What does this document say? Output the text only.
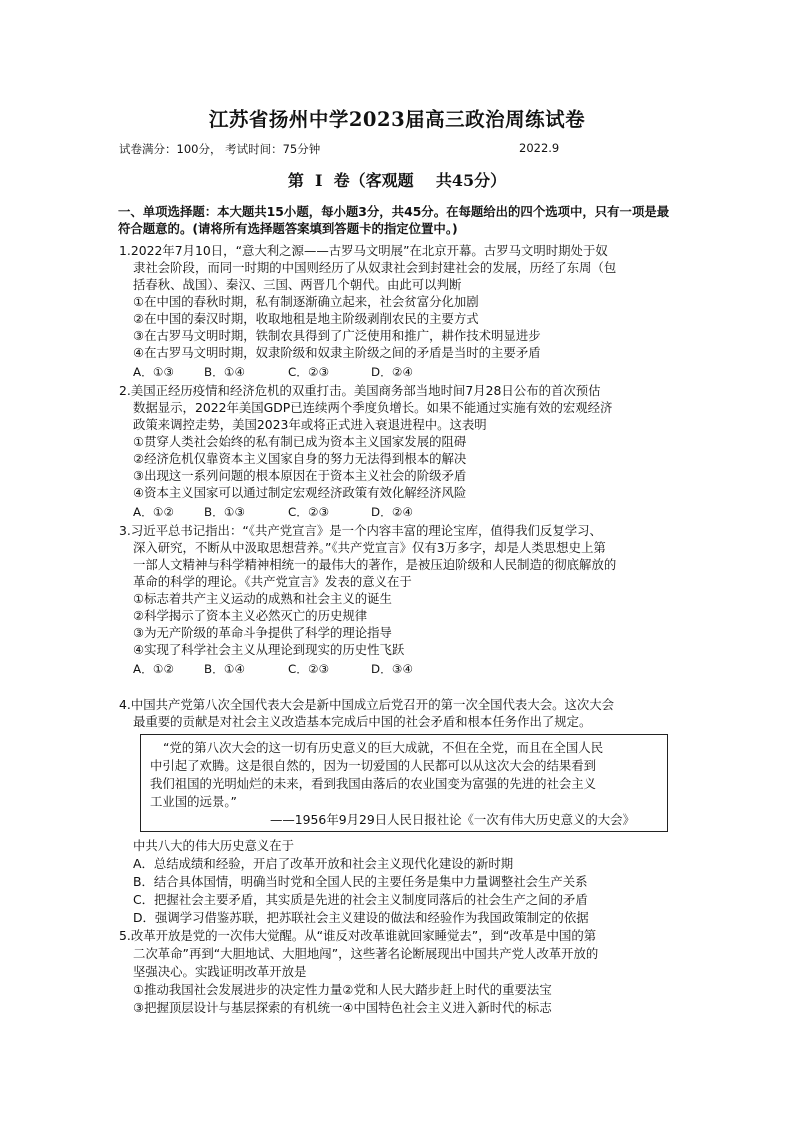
江苏省扬州中学2023届高三政治周练试卷
试卷满分：100分， 考试时间：75分钟	2022.9
第  Ⅰ  卷（客观题    共45分）
一、单项选择题：本大题共15小题，每小题3分，共45分。在每题给出的四个选项中，只有一项是最符合题意的。(请将所有选择题答案填到答题卡的指定位置中。)
1.2022年7月10日，“意大利之源——古罗马文明展”在北京开幕。古罗马文明时期处于奴
隶社会阶段，而同一时期的中国则经历了从奴隶社会到封建社会的发展，历经了东周（包
括春秋、战国）、秦汉、三国、两晋几个朝代。由此可以判断
①在中国的春秋时期，私有制逐渐确立起来，社会贫富分化加剧
②在中国的秦汉时期，收取地租是地主阶级剥削农民的主要方式
③在古罗马文明时期，铁制农具得到了广泛使用和推广，耕作技术明显进步
④在古罗马文明时期，奴隶阶级和奴隶主阶级之间的矛盾是当时的主要矛盾
A．①③	B．①④	C．②③	D．②④
2.美国正经历疫情和经济危机的双重打击。美国商务部当地时间7月28日公布的首次预估
数据显示，2022年美国GDP已连续两个季度负增长。如果不能通过实施有效的宏观经济
政策来调控走势，美国2023年或将正式进入衰退进程中。这表明
①贯穿人类社会始终的私有制已成为资本主义国家发展的阻碍
②经济危机仅靠资本主义国家自身的努力无法得到根本的解决
③出现这一系列问题的根本原因在于资本主义社会的阶级矛盾
④资本主义国家可以通过制定宏观经济政策有效化解经济风险
A．①②	B．①③	C．②③	D．②④
3.习近平总书记指出：“《共产党宣言》是一个内容丰富的理论宝库，值得我们反复学习、
深入研究，不断从中汲取思想营养。”《共产党宣言》仅有3万多字，却是人类思想史上第
一部人文精神与科学精神相统一的最伟大的著作，是被压迫阶级和人民制造的彻底解放的
革命的科学的理论。《共产党宣言》发表的意义在于
①标志着共产主义运动的成熟和社会主义的诞生
②科学揭示了资本主义必然灭亡的历史规律
③为无产阶级的革命斗争提供了科学的理论指导
④实现了科学社会主义从理论到现实的历史性飞跃
A．①②	B．①④	C．②③	D．③④
4.中国共产党第八次全国代表大会是新中国成立后党召开的第一次全国代表大会。这次大会
最重要的贡献是对社会主义改造基本完成后中国的社会矛盾和根本任务作出了规定。
“党的第八次大会的这一切有历史意义的巨大成就，不但在全党，而且在全国人民
中引起了欢腾。这是很自然的，因为一切爱国的人民都可以从这次大会的结果看到
我们祖国的光明灿烂的未来，看到我国由落后的农业国变为富强的先进的社会主义
工业国的远景。”
——1956年9月29日人民日报社论《一次有伟大历史意义的大会》
中共八大的伟大历史意义在于
A．总结成绩和经验，开启了改革开放和社会主义现代化建设的新时期
B．结合具体国情，明确当时党和全国人民的主要任务是集中力量调整社会生产关系
C．把握社会主要矛盾，其实质是先进的社会主义制度同落后的社会生产之间的矛盾
D．强调学习借鉴苏联，把苏联社会主义建设的做法和经验作为我国政策制定的依据
5.改革开放是党的一次伟大觉醒。从“谁反对改革谁就回家睡觉去”，到“改革是中国的第
二次革命”再到“大胆地试、大胆地闯”，这些著名论断展现出中国共产党人改革开放的
坚强决心。实践证明改革开放是
①推动我国社会发展进步的决定性力量②党和人民大踏步赶上时代的重要法宝
③把握顶层设计与基层探索的有机统一④中国特色社会主义进入新时代的标志
